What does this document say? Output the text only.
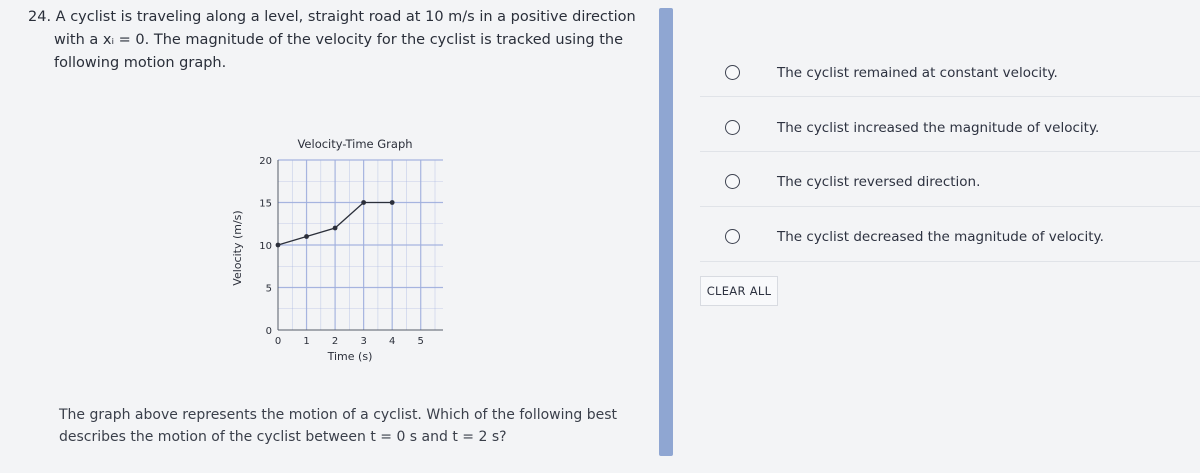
24. A cyclist is traveling along a level, straight road at 10 m/s in a positive direction
with a xᵢ = 0. The magnitude of the velocity for the cyclist is tracked using the
following motion graph.
0 1 2 3 4 5
0
5
10
15
20
Velocity-Time Graph
Time (s)
Velocity (m/s)
The graph above represents the motion of a cyclist. Which of the following best
describes the motion of the cyclist between t = 0 s and t = 2 s?
The cyclist remained at constant velocity.
The cyclist increased the magnitude of velocity.
The cyclist reversed direction.
The cyclist decreased the magnitude of velocity.
CLEAR ALL
